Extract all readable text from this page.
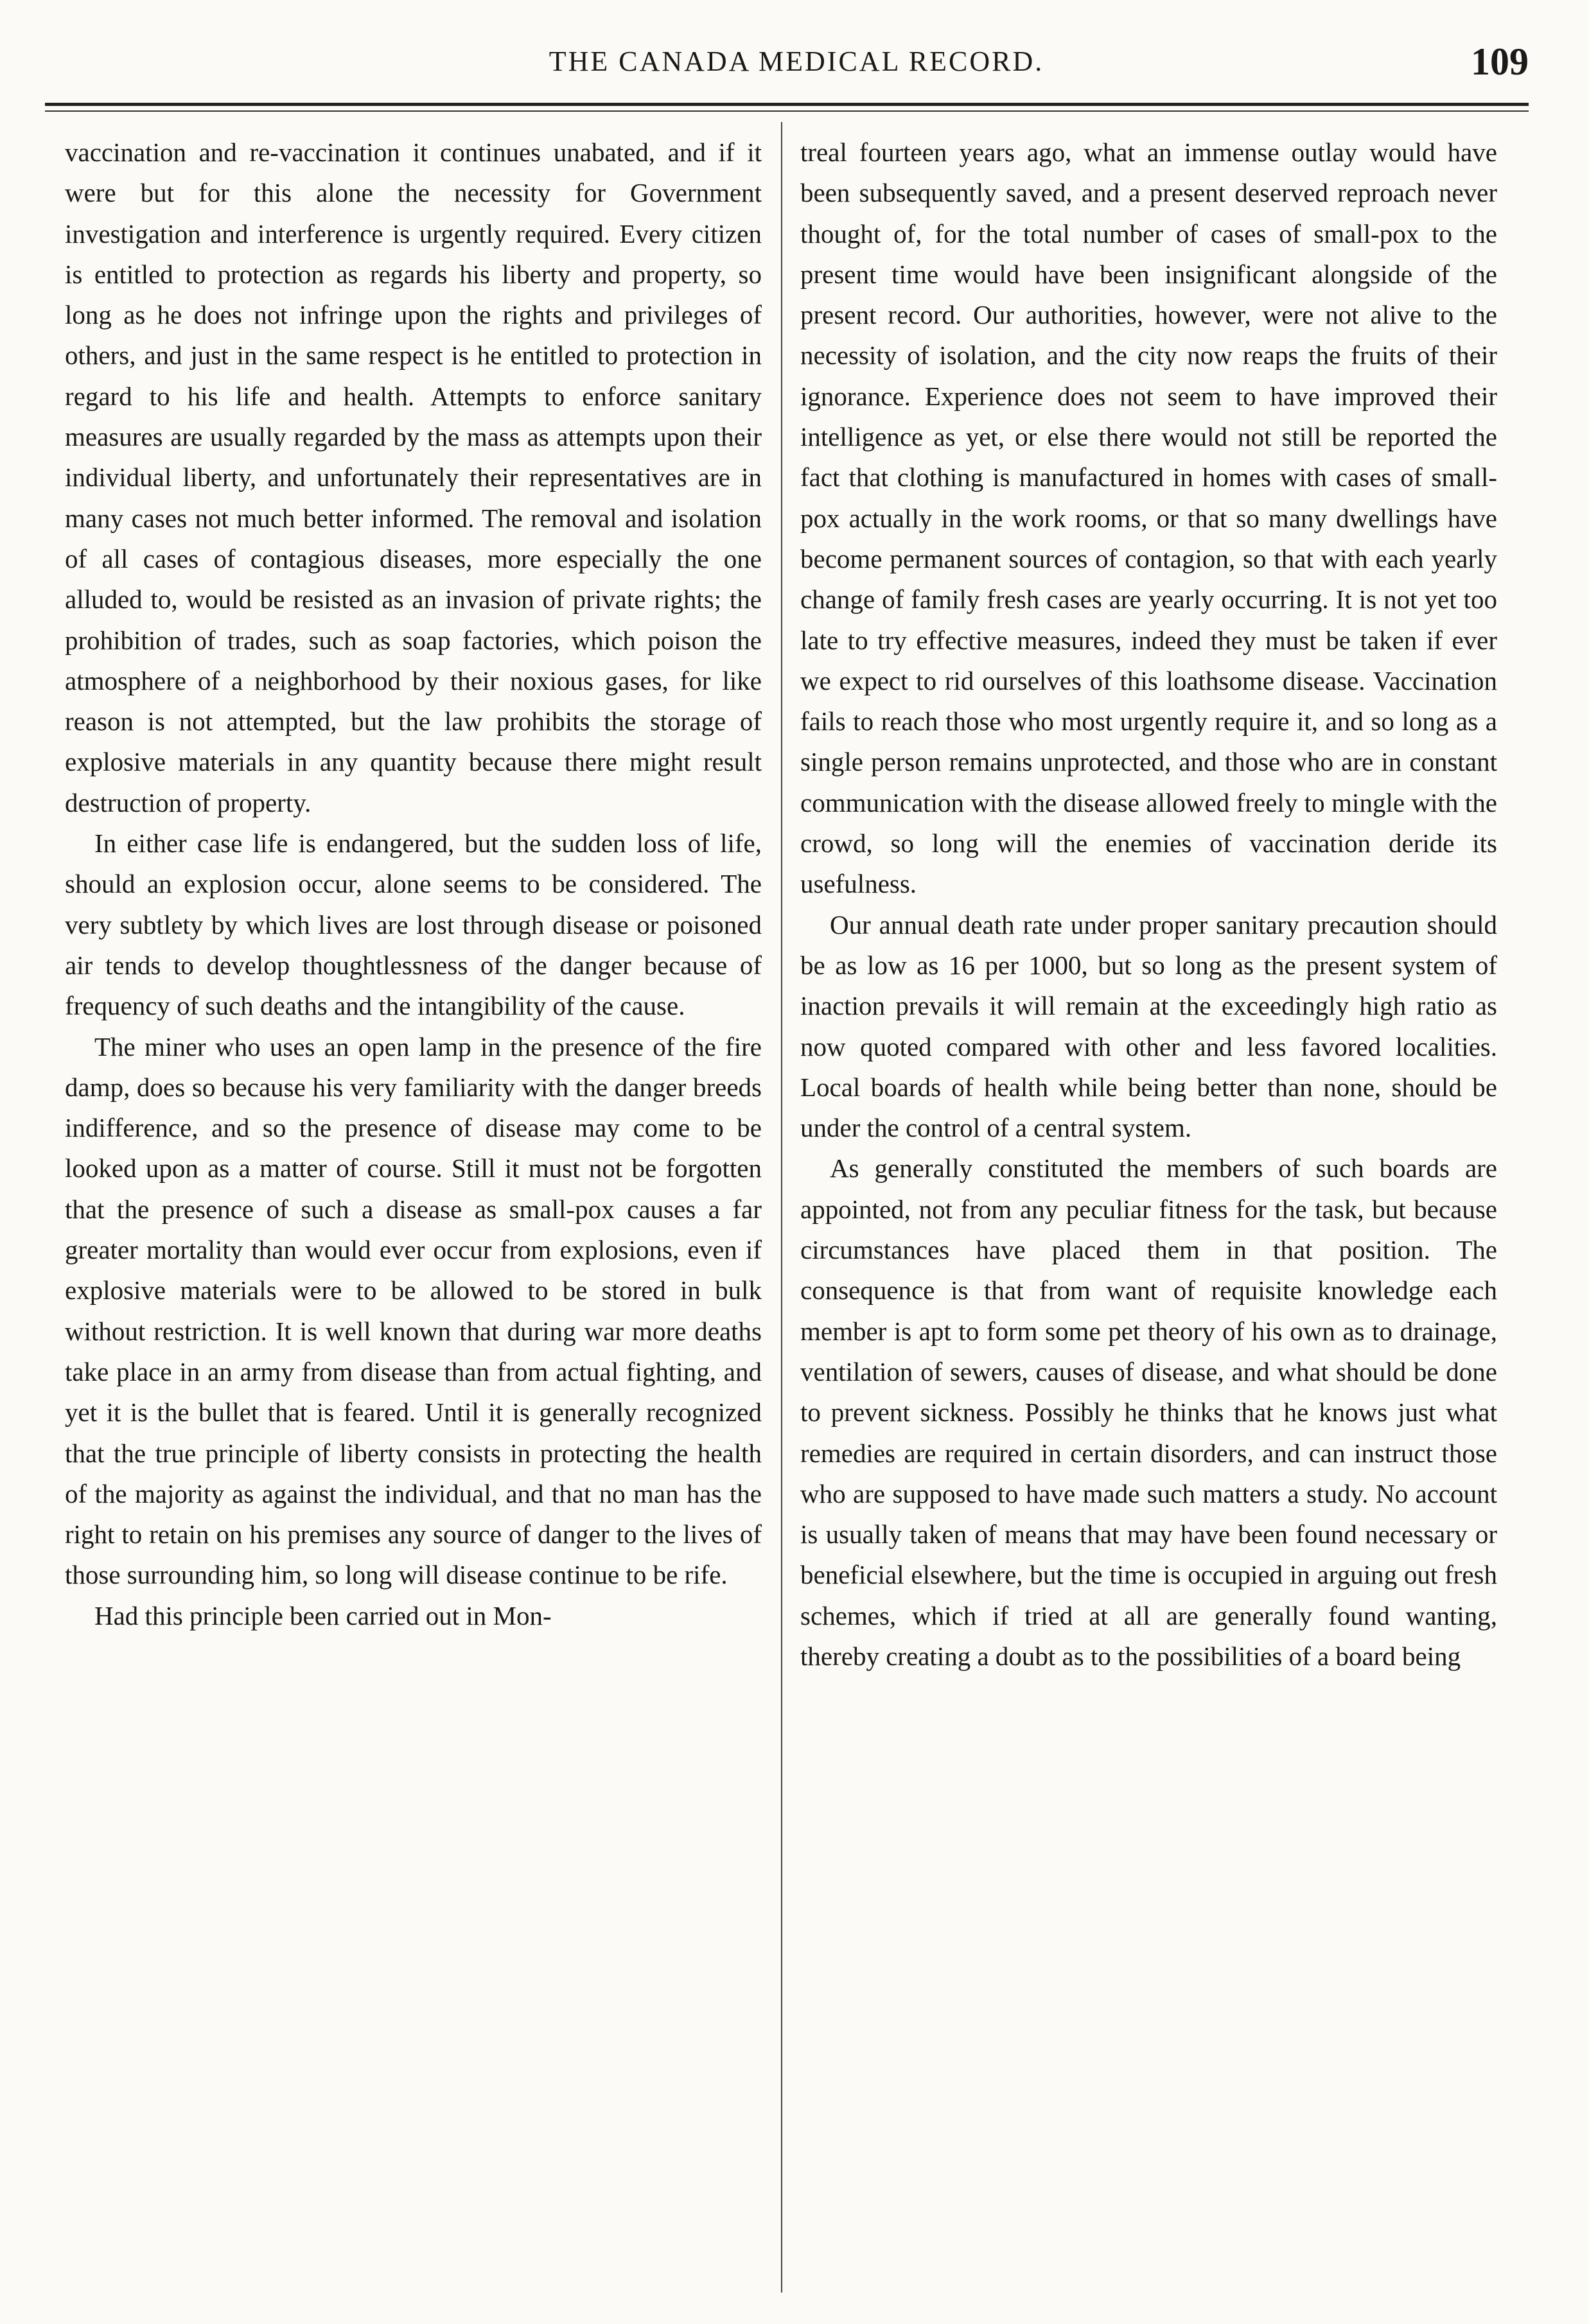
THE CANADA MEDICAL RECORD.	109

vaccination and re-vaccination it continues unabated, and if it were but for this alone the necessity for Government investigation and interference is urgently required. Every citizen is entitled to protection as regards his liberty and property, so long as he does not infringe upon the rights and privileges of others, and just in the same respect is he entitled to protection in regard to his life and health. Attempts to enforce sanitary measures are usually regarded by the mass as attempts upon their individual liberty, and unfortunately their representatives are in many cases not much better informed. The removal and isolation of all cases of contagious diseases, more especially the one alluded to, would be resisted as an invasion of private rights; the prohibition of trades, such as soap factories, which poison the atmosphere of a neighborhood by their noxious gases, for like reason is not attempted, but the law prohibits the storage of explosive materials in any quantity because there might result destruction of property.

In either case life is endangered, but the sudden loss of life, should an explosion occur, alone seems to be considered. The very subtlety by which lives are lost through disease or poisoned air tends to develop thoughtlessness of the danger because of frequency of such deaths and the intangibility of the cause.

The miner who uses an open lamp in the presence of the fire damp, does so because his very familiarity with the danger breeds indifference, and so the presence of disease may come to be looked upon as a matter of course. Still it must not be forgotten that the presence of such a disease as small-pox causes a far greater mortality than would ever occur from explosions, even if explosive materials were to be allowed to be stored in bulk without restriction. It is well known that during war more deaths take place in an army from disease than from actual fighting, and yet it is the bullet that is feared. Until it is generally recognized that the true principle of liberty consists in protecting the health of the majority as against the individual, and that no man has the right to retain on his premises any source of danger to the lives of those surrounding him, so long will disease continue to be rife.

Had this principle been carried out in Mon-

treal fourteen years ago, what an immense outlay would have been subsequently saved, and a present deserved reproach never thought of, for the total number of cases of small-pox to the present time would have been insignificant alongside of the present record. Our authorities, however, were not alive to the necessity of isolation, and the city now reaps the fruits of their ignorance. Experience does not seem to have improved their intelligence as yet, or else there would not still be reported the fact that clothing is manufactured in homes with cases of small-pox actually in the work rooms, or that so many dwellings have become permanent sources of contagion, so that with each yearly change of family fresh cases are yearly occurring. It is not yet too late to try effective measures, indeed they must be taken if ever we expect to rid ourselves of this loathsome disease. Vaccination fails to reach those who most urgently require it, and so long as a single person remains unprotected, and those who are in constant communication with the disease allowed freely to mingle with the crowd, so long will the enemies of vaccination deride its usefulness.

Our annual death rate under proper sanitary precaution should be as low as 16 per 1000, but so long as the present system of inaction prevails it will remain at the exceedingly high ratio as now quoted compared with other and less favored localities. Local boards of health while being better than none, should be under the control of a central system.

As generally constituted the members of such boards are appointed, not from any peculiar fitness for the task, but because circumstances have placed them in that position. The consequence is that from want of requisite knowledge each member is apt to form some pet theory of his own as to drainage, ventilation of sewers, causes of disease, and what should be done to prevent sickness. Possibly he thinks that he knows just what remedies are required in certain disorders, and can instruct those who are supposed to have made such matters a study. No account is usually taken of means that may have been found necessary or beneficial elsewhere, but the time is occupied in arguing out fresh schemes, which if tried at all are generally found wanting, thereby creating a doubt as to the possibilities of a board being
